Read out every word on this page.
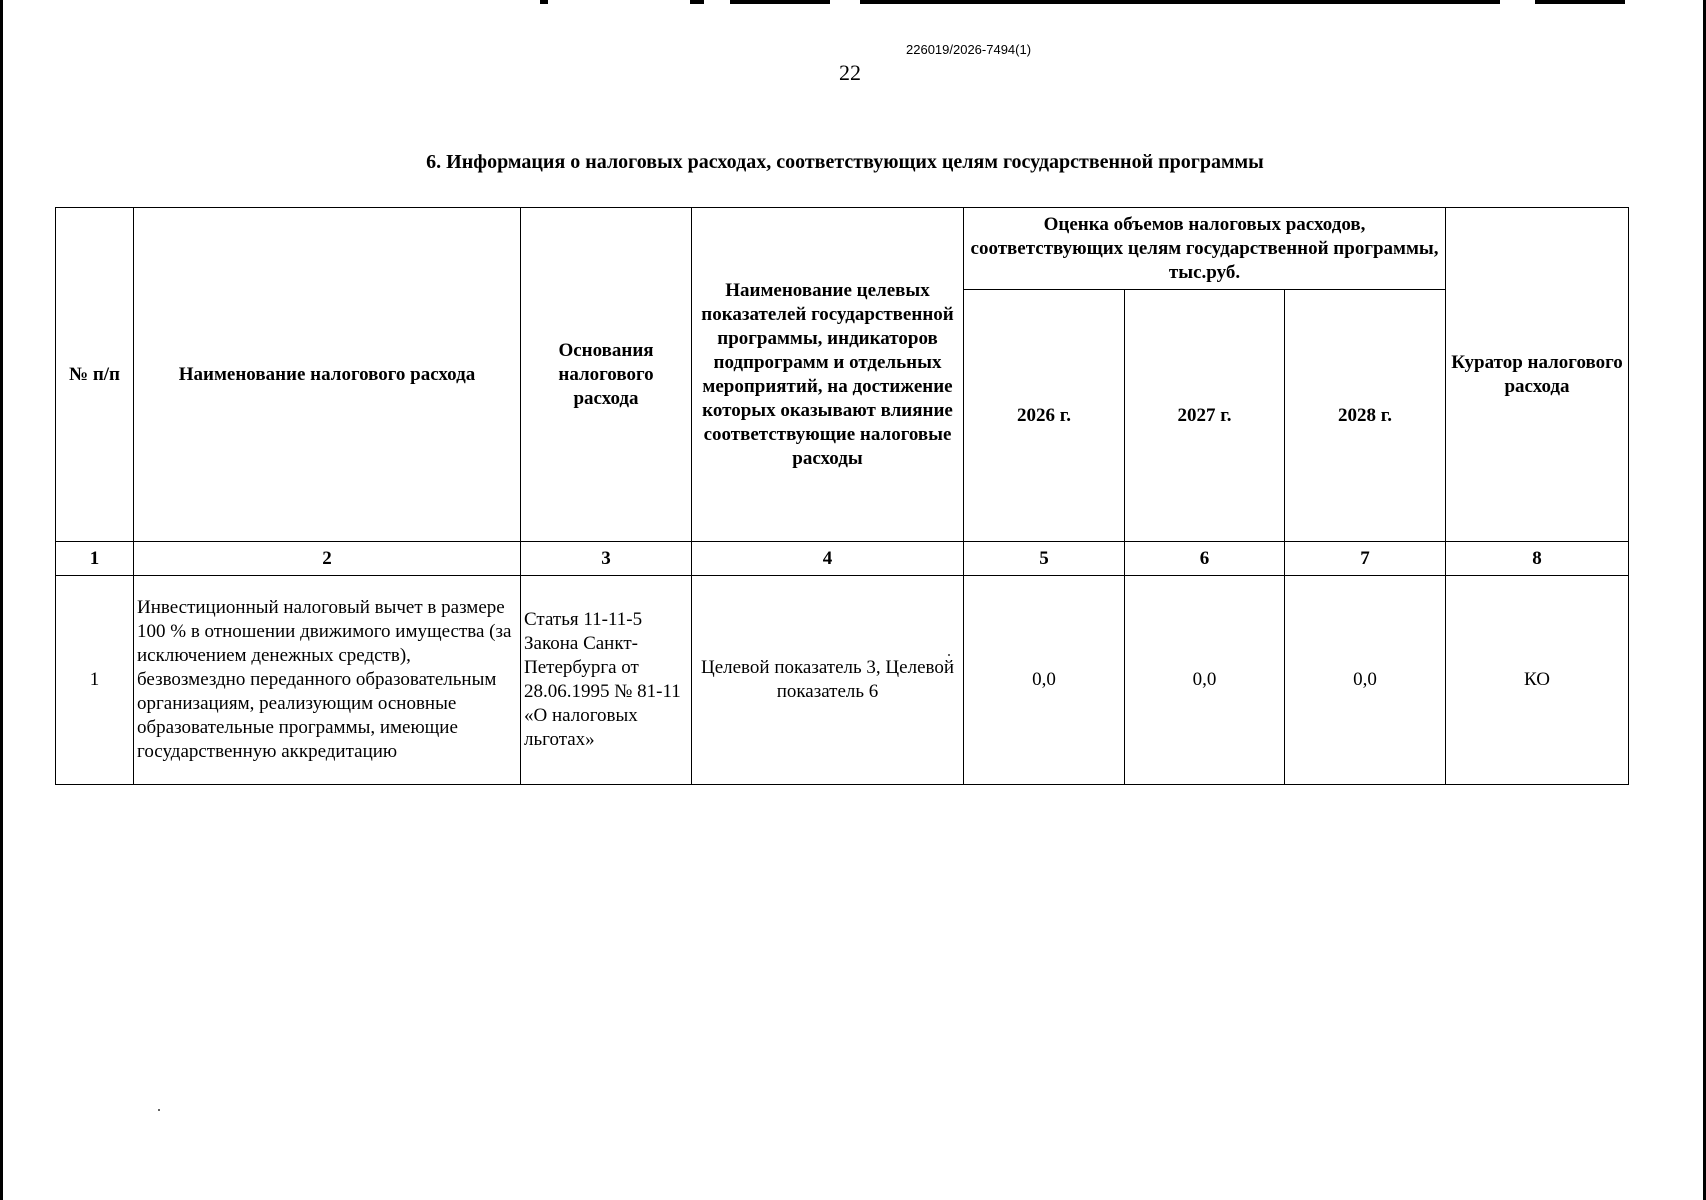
226019/2026-7494(1)
22
6. Информация о налоговых расходах, соответствующих целям государственной программы
№ п/п	Наименование налогового расхода	Основания налогового расхода	Наименование целевых показателей государственной программы, индикаторов подпрограмм и отдельных мероприятий, на достижение которых оказывают влияние соответствующие налоговые расходы	Оценка объемов налоговых расходов, соответствующих целям государственной программы, тыс.руб.			Куратор налогового расхода
				2026 г.	2027 г.	2028 г.	
1	2	3	4	5	6	7	8
1	Инвестиционный налоговый вычет в размере 100 % в отношении движимого имущества (за исключением денежных средств), безвозмездно переданного образовательным организациям, реализующим основные образовательные программы, имеющие государственную аккредитацию	Статья 11-11-5 Закона Санкт-Петербурга от 28.06.1995 № 81-11 «О налоговых льготах»	Целевой показатель 3, Целевой показатель 6	0,0	0,0	0,0	КО
